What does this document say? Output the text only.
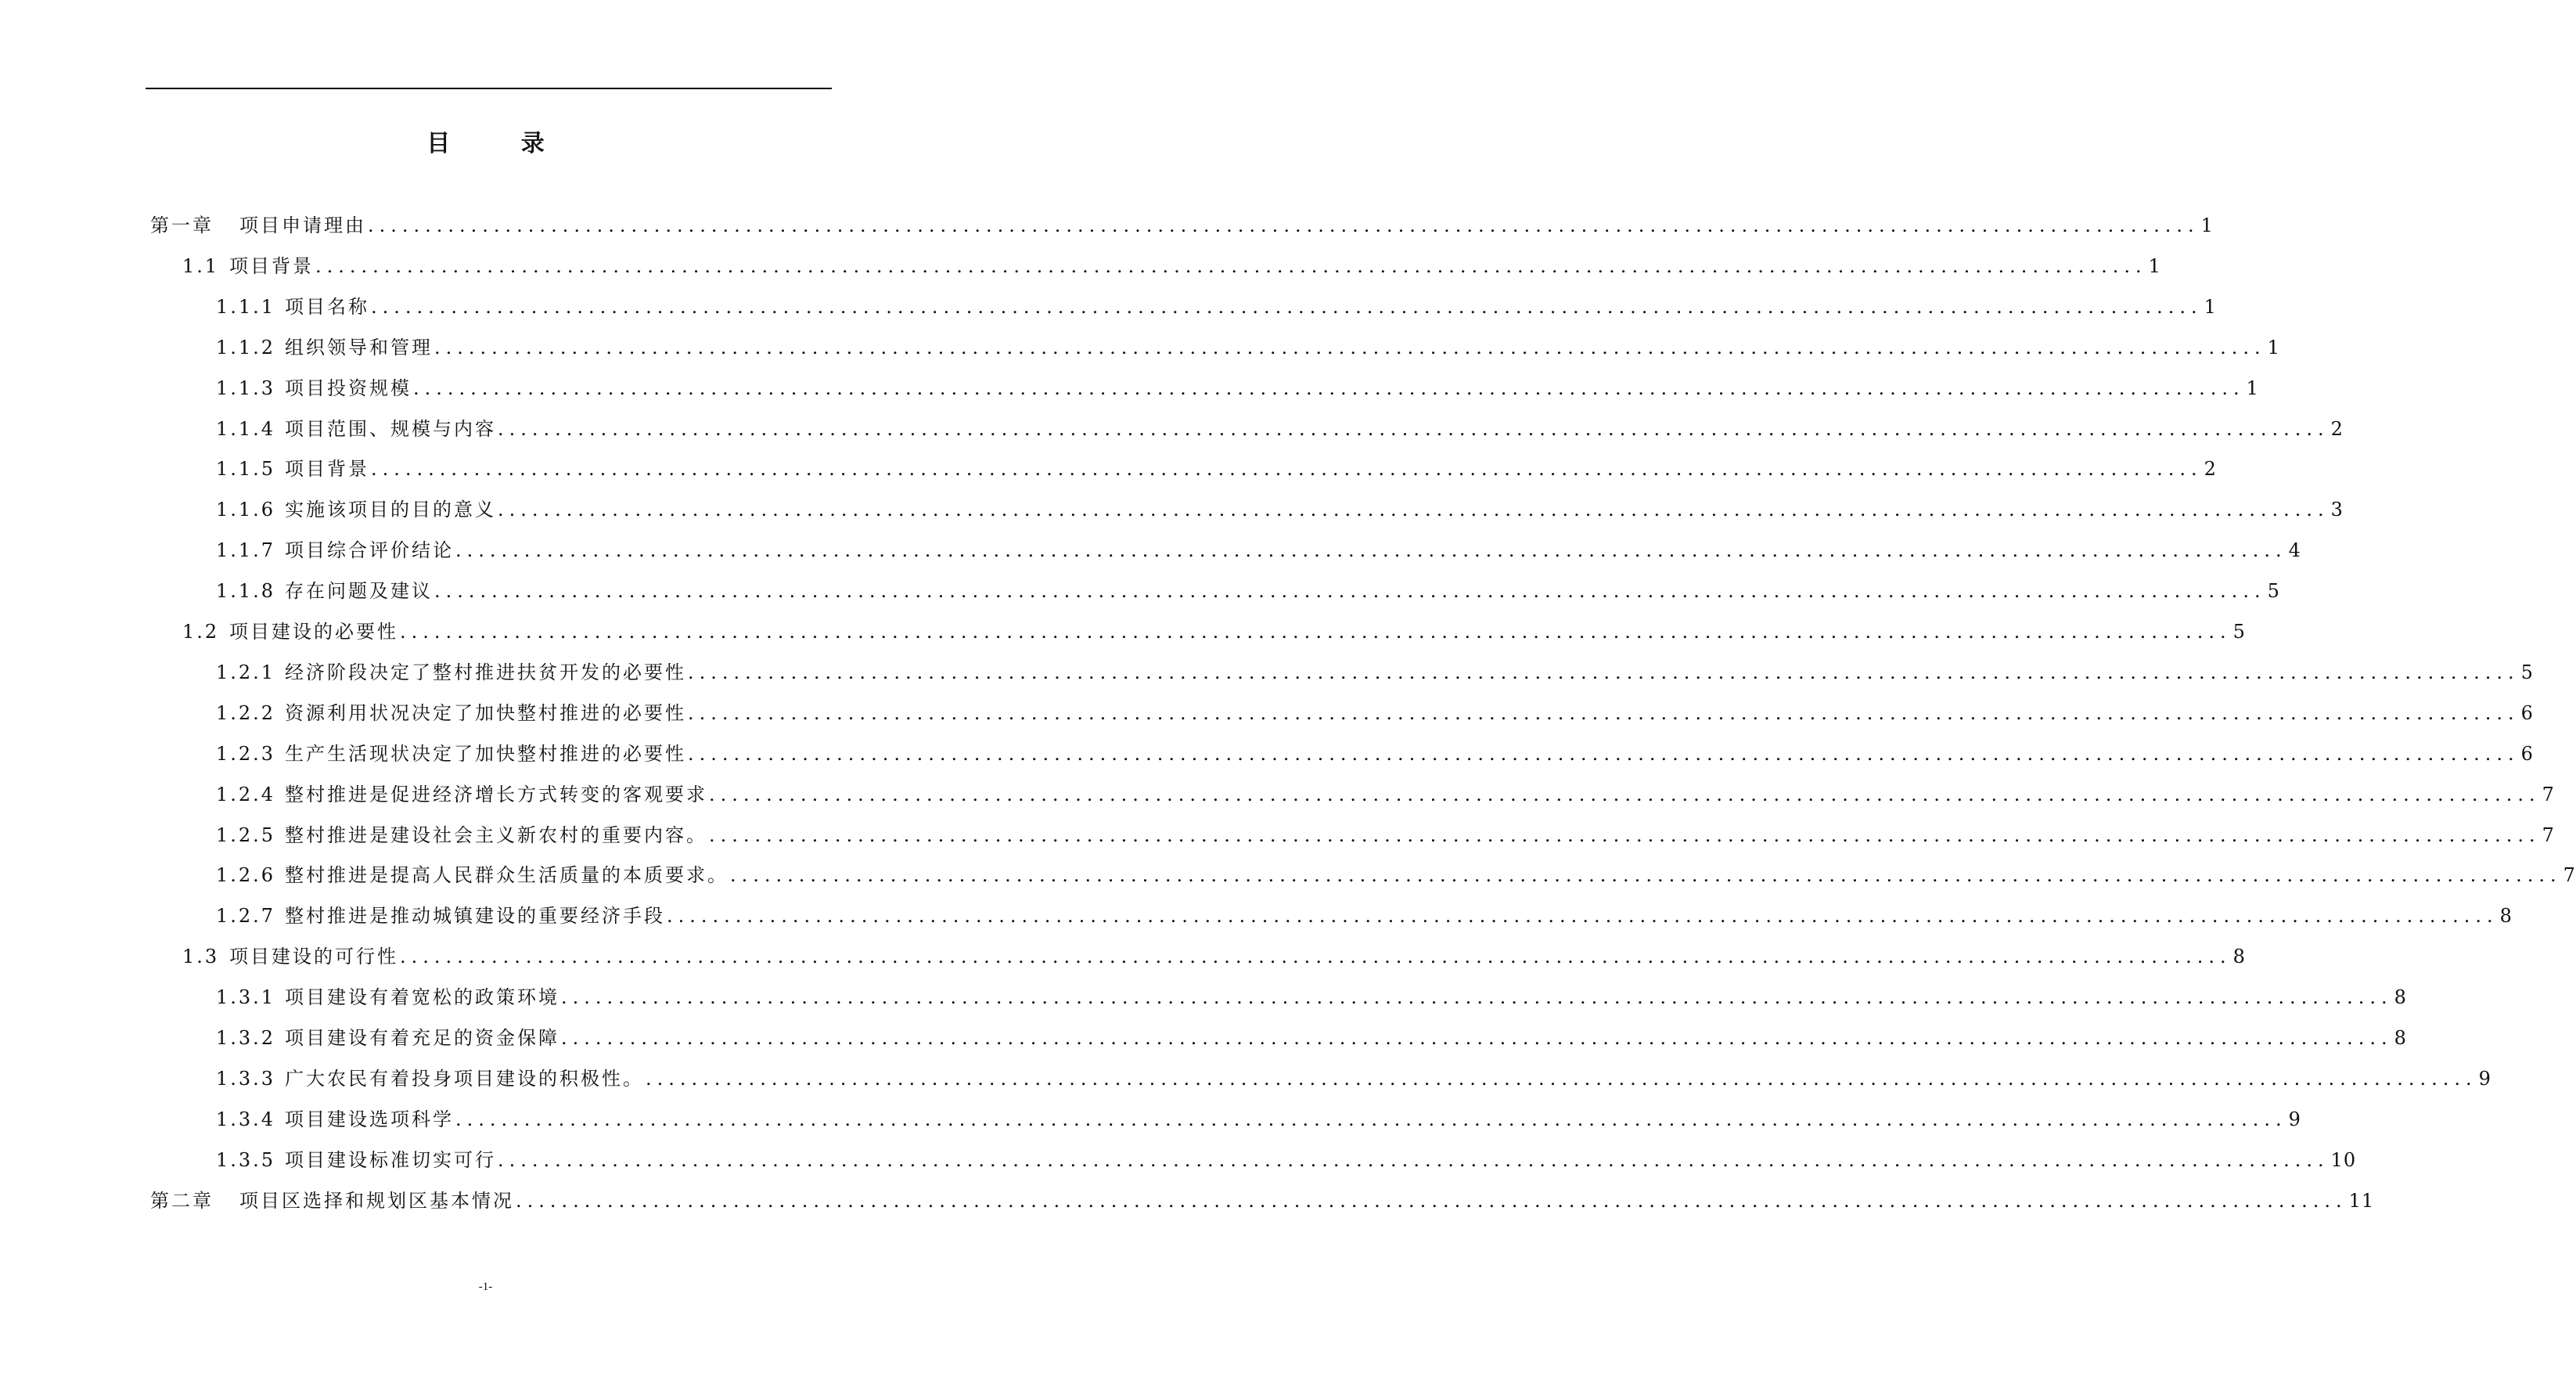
目 录
第一章	项目申请理由 ................................................................................................................................................................ 1
1.1 项目背景 ................................................................................................................................................................ 1
1.1.1 项目名称 ................................................................................................................................................................ 1
1.1.2 组织领导和管理 ................................................................................................................................................................ 1
1.1.3 项目投资规模 ................................................................................................................................................................ 1
1.1.4 项目范围、规模与内容 ................................................................................................................................................................ 2
1.1.5 项目背景 ................................................................................................................................................................ 2
1.1.6 实施该项目的目的意义 ................................................................................................................................................................ 3
1.1.7 项目综合评价结论 ................................................................................................................................................................ 4
1.1.8 存在问题及建议 ................................................................................................................................................................ 5
1.2 项目建设的必要性 ................................................................................................................................................................ 5
1.2.1 经济阶段决定了整村推进扶贫开发的必要性 ................................................................................................................................................................ 5
1.2.2 资源利用状况决定了加快整村推进的必要性 ................................................................................................................................................................ 6
1.2.3 生产生活现状决定了加快整村推进的必要性 ................................................................................................................................................................ 6
1.2.4 整村推进是促进经济增长方式转变的客观要求 ................................................................................................................................................................ 7
1.2.5 整村推进是建设社会主义新农村的重要内容。 ................................................................................................................................................................ 7
1.2.6 整村推进是提高人民群众生活质量的本质要求。 ................................................................................................................................................................ 7
1.2.7 整村推进是推动城镇建设的重要经济手段 ................................................................................................................................................................ 8
1.3 项目建设的可行性 ................................................................................................................................................................ 8
1.3.1 项目建设有着宽松的政策环境 ................................................................................................................................................................ 8
1.3.2 项目建设有着充足的资金保障 ................................................................................................................................................................ 8
1.3.3 广大农民有着投身项目建设的积极性。 ................................................................................................................................................................ 9
1.3.4 项目建设选项科学 ................................................................................................................................................................ 9
1.3.5 项目建设标准切实可行 ................................................................................................................................................................ 10
第二章	项目区选择和规划区基本情况 ................................................................................................................................................................ 11
-1-
